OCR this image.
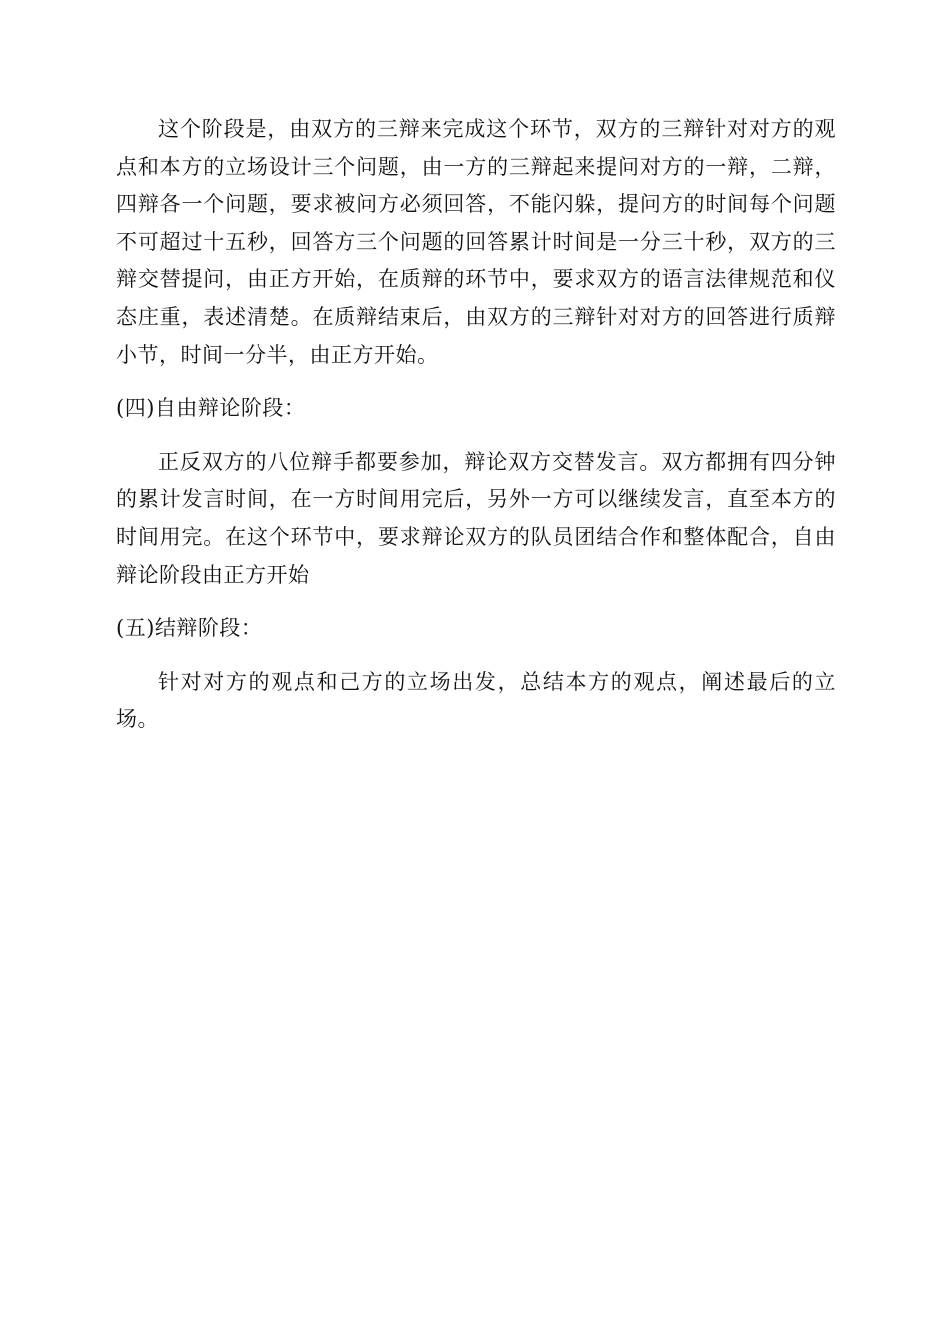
这个阶段是，由双方的三辩来完成这个环节，双方的三辩针对对方的观点和本方的立场设计三个问题，由一方的三辩起来提问对方的一辩，二辩，四辩各一个问题，要求被问方必须回答，不能闪躲，提问方的时间每个问题不可超过十五秒，回答方三个问题的回答累计时间是一分三十秒，双方的三辩交替提问，由正方开始，在质辩的环节中，要求双方的语言法律规范和仪态庄重，表述清楚。在质辩结束后，由双方的三辩针对对方的回答进行质辩小节，时间一分半，由正方开始。

(四)自由辩论阶段：

正反双方的八位辩手都要参加，辩论双方交替发言。双方都拥有四分钟的累计发言时间，在一方时间用完后，另外一方可以继续发言，直至本方的时间用完。在这个环节中，要求辩论双方的队员团结合作和整体配合，自由辩论阶段由正方开始

(五)结辩阶段：

针对对方的观点和己方的立场出发，总结本方的观点，阐述最后的立场。
